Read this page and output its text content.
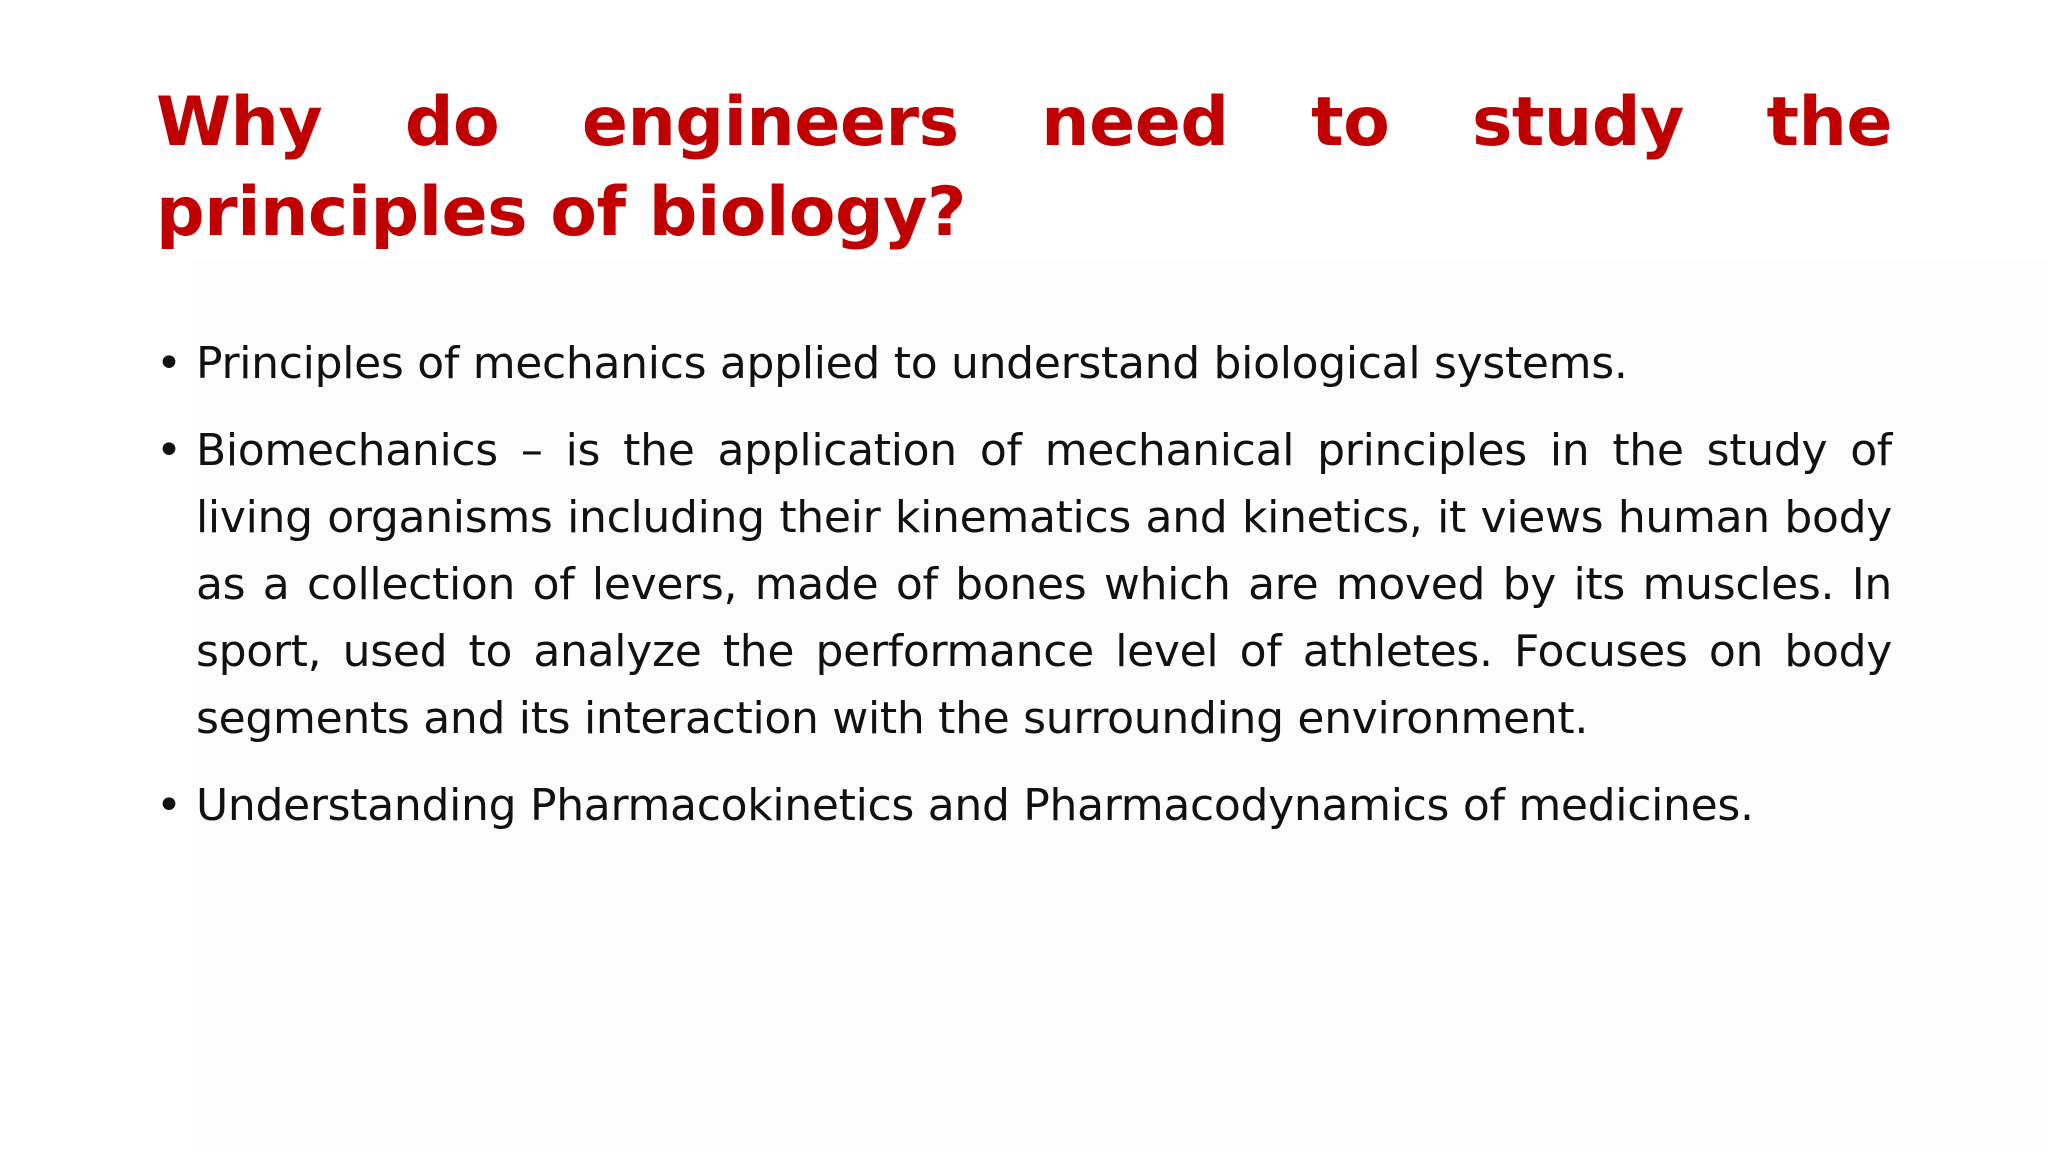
Why do engineers need to study the principles of biology?
• Principles of mechanics applied to understand biological systems.
• Biomechanics – is the application of mechanical principles in the study of living organisms including their kinematics and kinetics, it views human body as a collection of levers, made of bones which are moved by its muscles. In sport, used to analyze the performance level of athletes. Focuses on body segments and its interaction with the surrounding environment.
• Understanding Pharmacokinetics and Pharmacodynamics of medicines.
